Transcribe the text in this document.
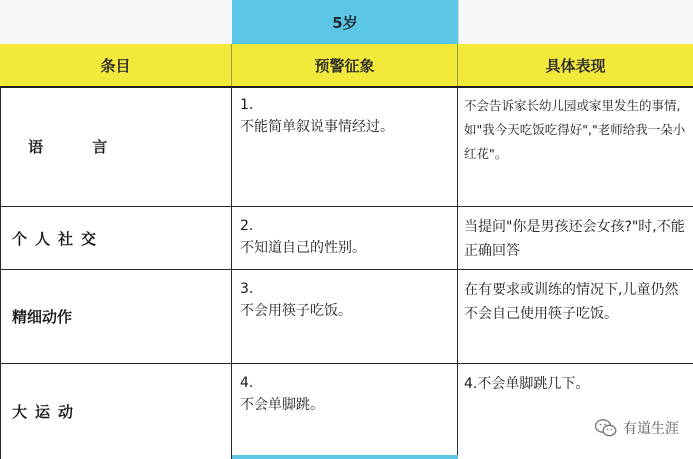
5岁
条目	预警征象	具体表现
语 言
1.
不能简单叙说事情经过。
不会告诉家长幼儿园或家里发生的事情,如"我今天吃饭吃得好","老师给我一朵小红花"。
个人社交
2.
不知道自己的性别。
当提问"你是男孩还会女孩?"时,不能正确回答
精细动作
3.
不会用筷子吃饭。
在有要求或训练的情况下,儿童仍然不会自己使用筷子吃饭。
大运动
4.
不会单脚跳。
4.不会单脚跳几下。
有道生涯
